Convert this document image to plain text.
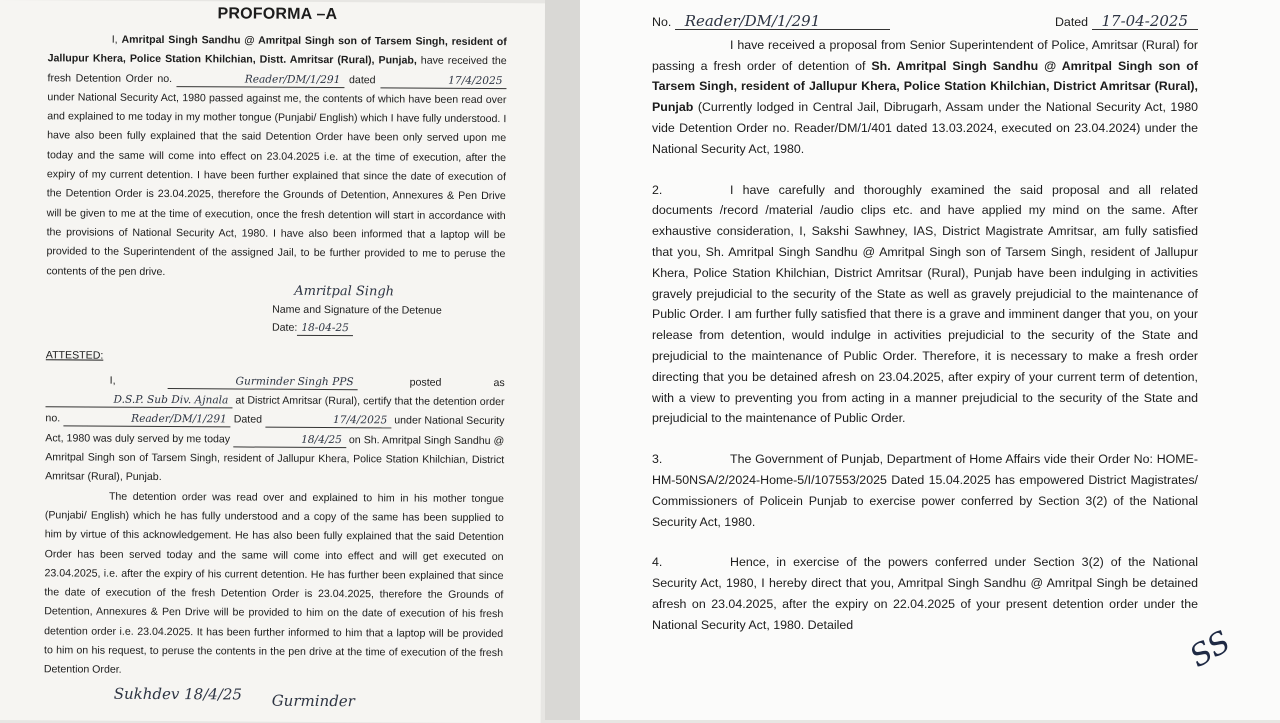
PROFORMA –A

I, Amritpal Singh Sandhu @ Amritpal Singh son of Tarsem Singh, resident of Jallupur Khera, Police Station Khilchian, Distt. Amritsar (Rural), Punjab, have received the fresh Detention Order no.	Reader/DM/1/291 dated	17/4/2025 under National Security Act, 1980 passed against me, the contents of which have been read over and explained to me today in my mother tongue (Punjabi/ English) which I have fully understood. I have also been fully explained that the said Detention Order have been only served upon me today and the same will come into effect on 23.04.2025 i.e. at the time of execution, after the expiry of my current detention. I have been further explained that since the date of execution of the Detention Order is 23.04.2025, therefore the Grounds of Detention, Annexures & Pen Drive will be given to me at the time of execution, once the fresh detention will start in accordance with the provisions of National Security Act, 1980. I have also been informed that a laptop will be provided to the Superintendent of the assigned Jail, to be further provided to me to peruse the contents of the pen drive.

Amritpal Singh
Name and Signature of the Detenue
Date: 18-04-25
ATTESTED:

I,	Gurminder Singh PPS posted as D.S.P. Sub Div. Ajnala at District Amritsar (Rural), certify that the detention order no.	Reader/DM/1/291 Dated	17/4/2025 under National Security Act, 1980 was duly served by me today	18/4/25 on Sh. Amritpal Singh Sandhu @ Amritpal Singh son of Tarsem Singh, resident of Jallupur Khera, Police Station Khilchian, District Amritsar (Rural), Punjab.

The detention order was read over and explained to him in his mother tongue (Punjabi/ English) which he has fully understood and a copy of the same has been supplied to him by virtue of this acknowledgement. He has also been fully explained that the said Detention Order has been served today and the same will come into effect and will get executed on 23.04.2025, i.e. after the expiry of his current detention. He has further been explained that since the date of execution of the fresh Detention Order is 23.04.2025, therefore the Grounds of Detention, Annexures & Pen Drive will be provided to him on the date of execution of his fresh detention order i.e. 23.04.2025. It has been further informed to him that a laptop will be provided to him on his request, to peruse the contents in the pen drive at the time of execution of the fresh Detention Order.

Sukhdev 18/4/25 Gurminder
No. Reader/DM/1/291	Dated 17-04-2025

I have received a proposal from Senior Superintendent of Police, Amritsar (Rural) for passing a fresh order of detention of Sh. Amritpal Singh Sandhu @ Amritpal Singh son of Tarsem Singh, resident of Jallupur Khera, Police Station Khilchian, District Amritsar (Rural), Punjab (Currently lodged in Central Jail, Dibrugarh, Assam under the National Security Act, 1980 vide Detention Order no. Reader/DM/1/401 dated 13.03.2024, executed on 23.04.2024) under the National Security Act, 1980.

2.	I have carefully and thoroughly examined the said proposal and all related documents /record /material /audio clips etc. and have applied my mind on the same. After exhaustive consideration, I, Sakshi Sawhney, IAS, District Magistrate Amritsar, am fully satisfied that you, Sh. Amritpal Singh Sandhu @ Amritpal Singh son of Tarsem Singh, resident of Jallupur Khera, Police Station Khilchian, District Amritsar (Rural), Punjab have been indulging in activities gravely prejudicial to the security of the State as well as gravely prejudicial to the maintenance of Public Order. I am further fully satisfied that there is a grave and imminent danger that you, on your release from detention, would indulge in activities prejudicial to the security of the State and prejudicial to the maintenance of Public Order. Therefore, it is necessary to make a fresh order directing that you be detained afresh on 23.04.2025, after expiry of your current term of detention, with a view to preventing you from acting in a manner prejudicial to the security of the State and prejudicial to the maintenance of Public Order.

3.	The Government of Punjab, Department of Home Affairs vide their Order No: HOME-HM-50NSA/2/2024-Home-5/I/107553/2025 Dated 15.04.2025 has empowered District Magistrates/ Commissioners of Policein Punjab to exercise power conferred by Section 3(2) of the National Security Act, 1980.

4.	Hence, in exercise of the powers conferred under Section 3(2) of the National Security Act, 1980, I hereby direct that you, Amritpal Singh Sandhu @ Amritpal Singh be detained afresh on 23.04.2025, after the expiry on 22.04.2025 of your present detention order under the National Security Act, 1980. Detailed	SS
